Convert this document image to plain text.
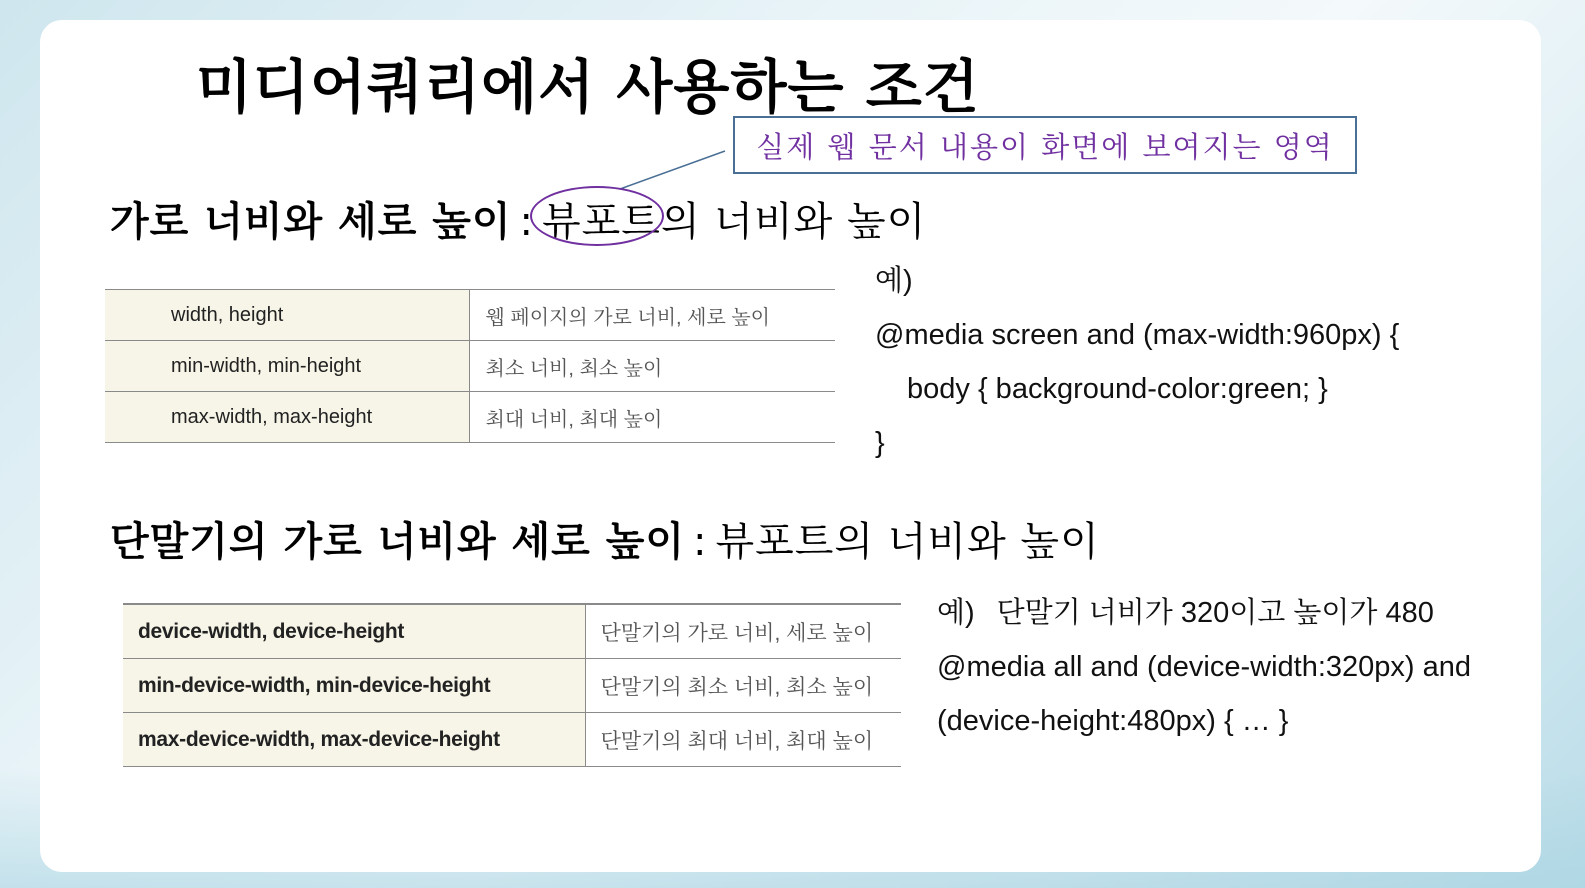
미디어쿼리에서 사용하는 조건
실제 웹 문서 내용이 화면에 보여지는 영역
가로 너비와 세로 높이 : 뷰포트의 너비와 높이
width, height	웹 페이지의 가로 너비, 세로 높이
min-width, min-height	최소 너비, 최소 높이
max-width, max-height	최대 너비, 최대 높이
예)
@media screen and (max-width:960px) {
body { background-color:green; }
}
단말기의 가로 너비와 세로 높이 : 뷰포트의 너비와 높이
device-width, device-height	단말기의 가로 너비, 세로 높이
min-device-width, min-device-height	단말기의 최소 너비, 최소 높이
max-device-width, max-device-height	단말기의 최대 너비, 최대 높이
예) 단말기 너비가 320이고 높이가 480
@media all and (device-width:320px) and
(device-height:480px) { … }
